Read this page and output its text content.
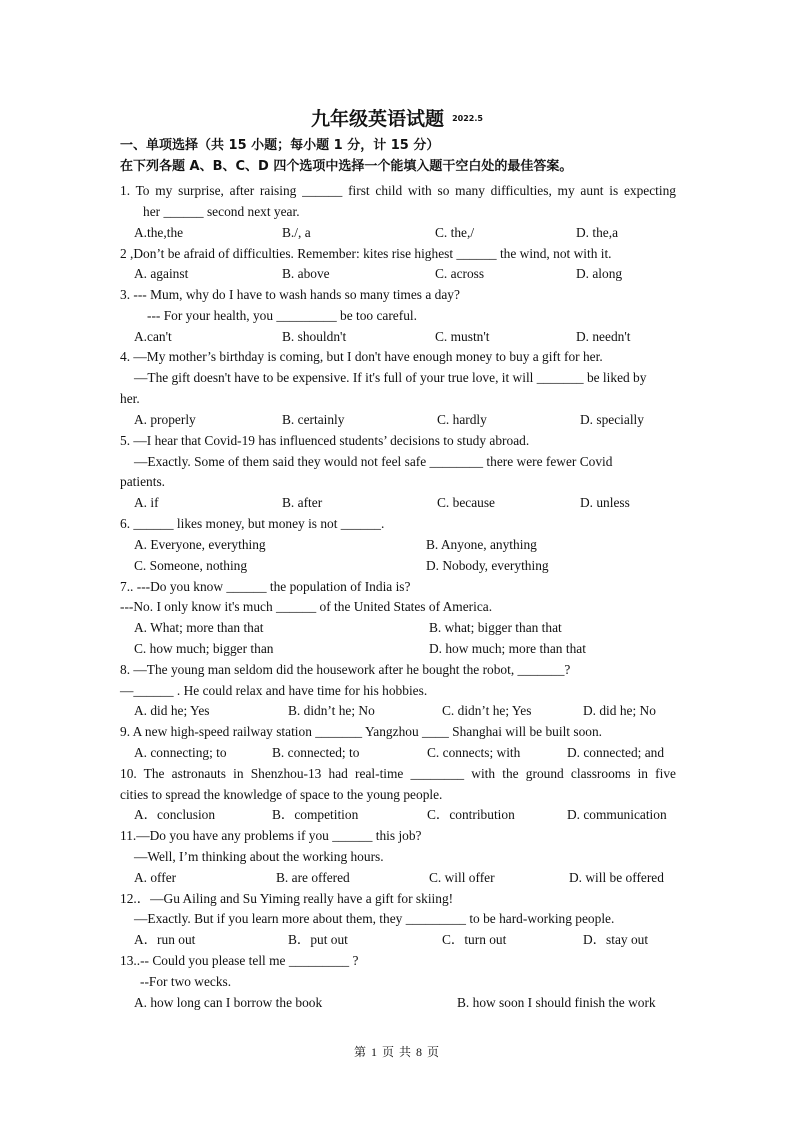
九年级英语试题 $^{2022.5}$
一、单项选择（共 15 小题；每小题 1 分，计 15 分）
在下列各题 A、B、C、D 四个选项中选择一个能填入题干空白处的最佳答案。
1. To my surprise, after raising ______ first child with so many difficulties, my aunt is expecting
her ______ second next year.
A.the,the	B./, a	C. the,/	D. the,a
2 ,Don’t be afraid of difficulties. Remember: kites rise highest ______ the wind, not with it.
A. against	B. above	C. across	D. along
3. --- Mum, why do I have to wash hands so many times a day?
--- For your health, you _________ be too careful.
A.can't	B. shouldn't	C. mustn't	D. needn't
4. —My mother’s birthday is coming, but I don't have enough money to buy a gift for her.
—The gift doesn't have to be expensive. If it's full of your true love, it will _______ be liked by
her.
A. properly	B. certainly	C. hardly	D. specially
5. —I hear that Covid-19 has influenced students’ decisions to study abroad.
—Exactly. Some of them said they would not feel safe ________ there were fewer Covid
patients.
A. if	B. after	C. because	D. unless
6. ______ likes money, but money is not ______.
A. Everyone, everything	B. Anyone, anything
C. Someone, nothing	D. Nobody, everything
7.. ---Do you know ______ the population of India is?
---No. I only know it's much ______ of the United States of America.
A. What; more than that	B. what; bigger than that
C. how much; bigger than	D. how much; more than that
8. —The young man seldom did the housework after he bought the robot, _______?
—______ . He could relax and have time for his hobbies.
A. did he; Yes	B. didn’t he; No	C. didn’t he; Yes	D. did he; No
9. A new high-speed railway station _______ Yangzhou ____ Shanghai will be built soon.
A. connecting; to	B. connected; to	C. connects; with	D. connected; and
10. The astronauts in Shenzhou-13 had real-time ________ with the ground classrooms in five
cities to spread the knowledge of space to the young people.
A．conclusion	B．competition	C．contribution	D. communication
11.—Do you have any problems if you ______ this job?
—Well, I’m thinking about the working hours.
A. offer	B. are offered	C. will offer	D. will be offered
12.．—Gu Ailing and Su Yiming really have a gift for skiing!
—Exactly. But if you learn more about them, they _________ to be hard-working people.
A．run out	B．put out	C．turn out	D．stay out
13..-- Could you please tell me _________ ?
--For two wecks.
A. how long can I borrow the book	B. how soon I should finish the work
第 1 页 共 8 页
